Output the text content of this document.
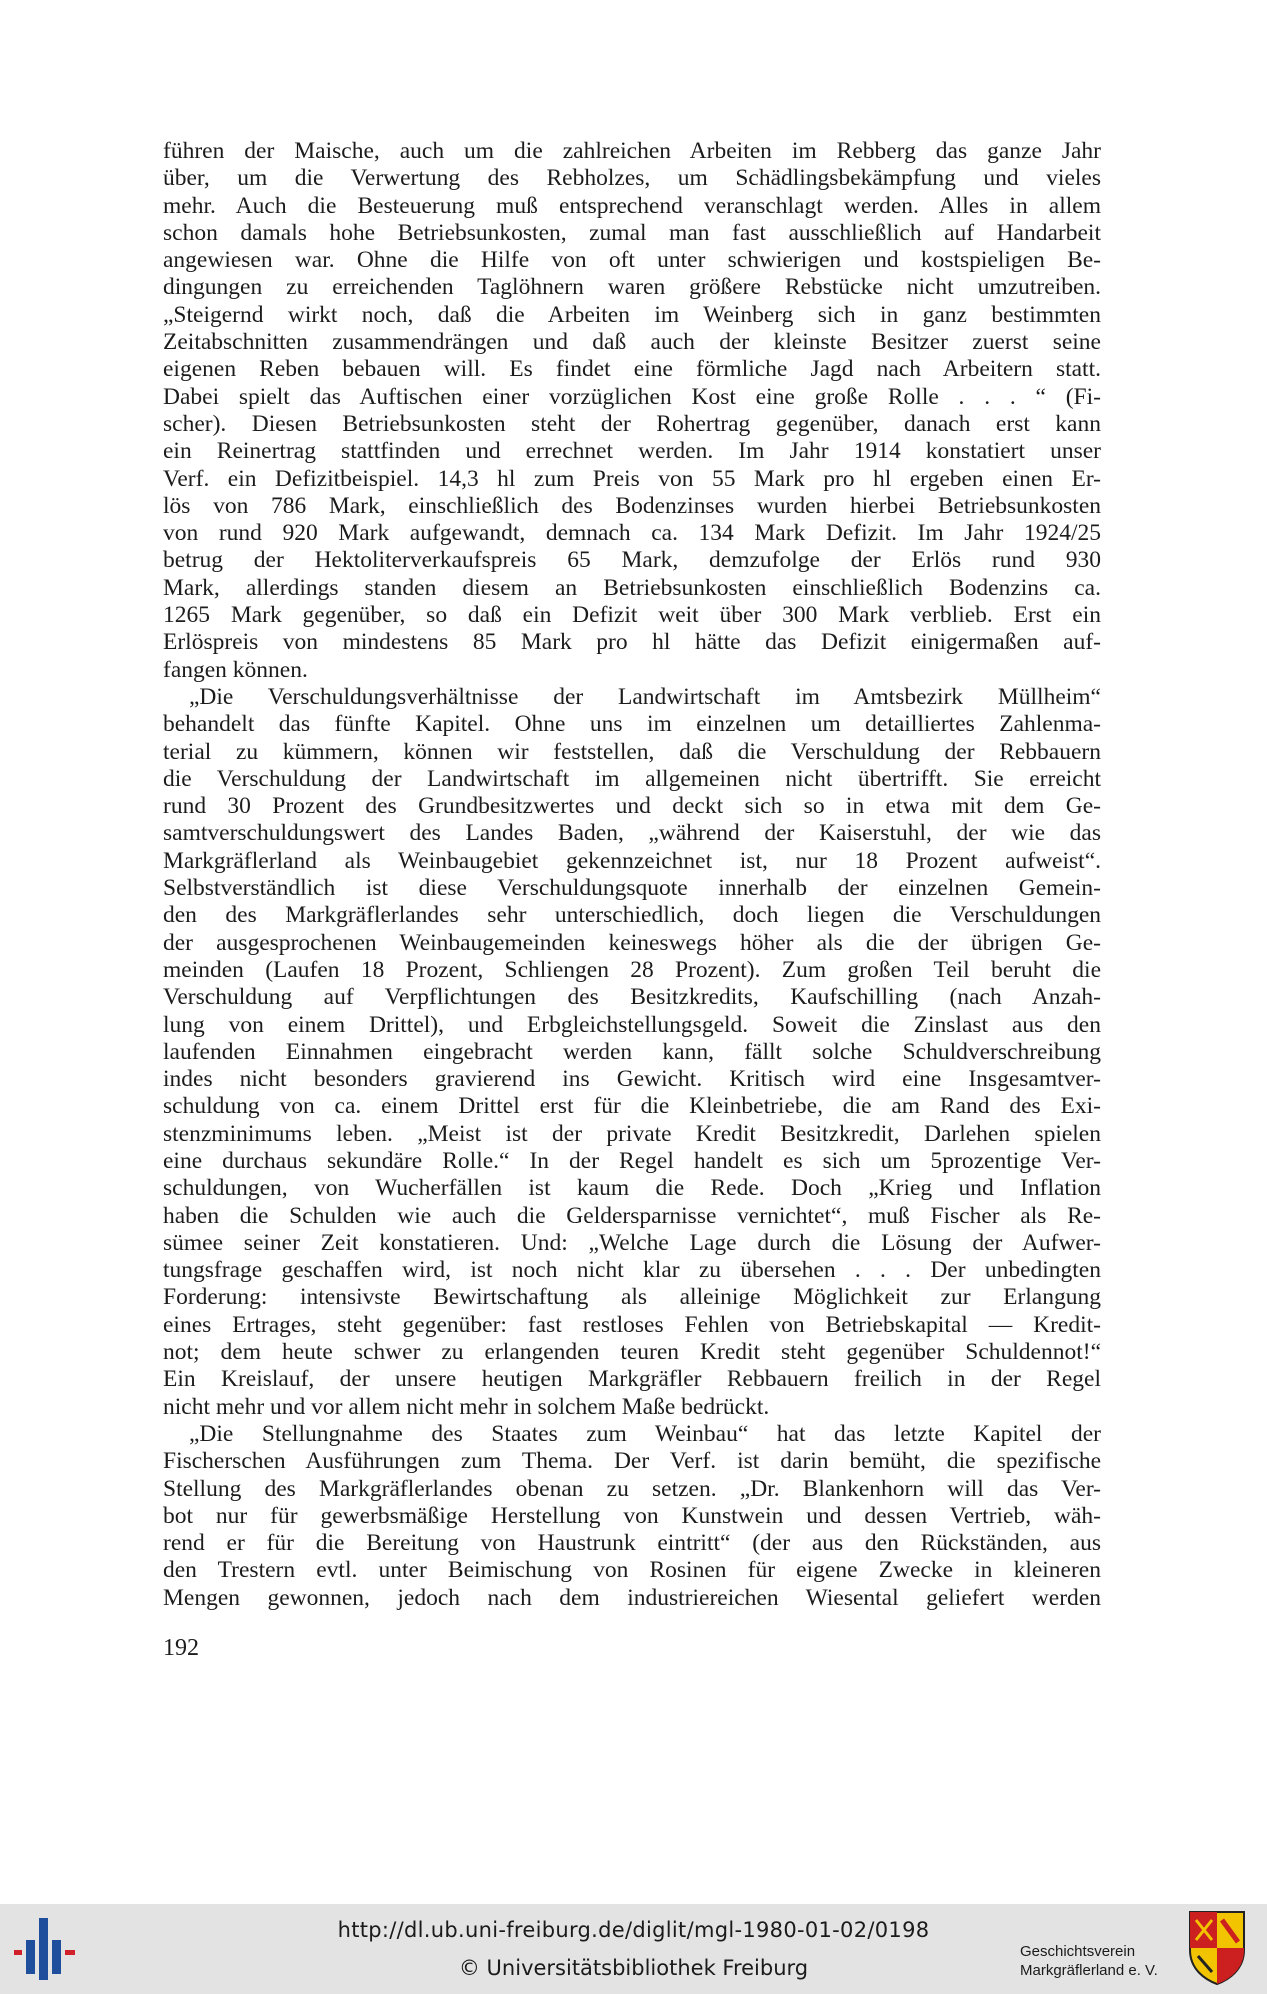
führen der Maische, auch um die zahlreichen Arbeiten im Rebberg das ganze Jahr
über, um die Verwertung des Rebholzes, um Schädlingsbekämpfung und vieles
mehr. Auch die Besteuerung muß entsprechend veranschlagt werden. Alles in allem
schon damals hohe Betriebsunkosten, zumal man fast ausschließlich auf Handarbeit
angewiesen war. Ohne die Hilfe von oft unter schwierigen und kostspieligen Be-
dingungen zu erreichenden Taglöhnern waren größere Rebstücke nicht umzutreiben.
„Steigernd wirkt noch, daß die Arbeiten im Weinberg sich in ganz bestimmten
Zeitabschnitten zusammendrängen und daß auch der kleinste Besitzer zuerst seine
eigenen Reben bebauen will. Es findet eine förmliche Jagd nach Arbeitern statt.
Dabei spielt das Auftischen einer vorzüglichen Kost eine große Rolle . . . “ (Fi-
scher). Diesen Betriebsunkosten steht der Rohertrag gegenüber, danach erst kann
ein Reinertrag stattfinden und errechnet werden. Im Jahr 1914 konstatiert unser
Verf. ein Defizitbeispiel. 14,3 hl zum Preis von 55 Mark pro hl ergeben einen Er-
lös von 786 Mark, einschließlich des Bodenzinses wurden hierbei Betriebsunkosten
von rund 920 Mark aufgewandt, demnach ca. 134 Mark Defizit. Im Jahr 1924/25
betrug der Hektoliterverkaufspreis 65 Mark, demzufolge der Erlös rund 930
Mark, allerdings standen diesem an Betriebsunkosten einschließlich Bodenzins ca.
1265 Mark gegenüber, so daß ein Defizit weit über 300 Mark verblieb. Erst ein
Erlöspreis von mindestens 85 Mark pro hl hätte das Defizit einigermaßen auf-
fangen können.
„Die Verschuldungsverhältnisse der Landwirtschaft im Amtsbezirk Müllheim“
behandelt das fünfte Kapitel. Ohne uns im einzelnen um detailliertes Zahlenma-
terial zu kümmern, können wir feststellen, daß die Verschuldung der Rebbauern
die Verschuldung der Landwirtschaft im allgemeinen nicht übertrifft. Sie erreicht
rund 30 Prozent des Grundbesitzwertes und deckt sich so in etwa mit dem Ge-
samtverschuldungswert des Landes Baden, „während der Kaiserstuhl, der wie das
Markgräflerland als Weinbaugebiet gekennzeichnet ist, nur 18 Prozent aufweist“.
Selbstverständlich ist diese Verschuldungsquote innerhalb der einzelnen Gemein-
den des Markgräflerlandes sehr unterschiedlich, doch liegen die Verschuldungen
der ausgesprochenen Weinbaugemeinden keineswegs höher als die der übrigen Ge-
meinden (Laufen 18 Prozent, Schliengen 28 Prozent). Zum großen Teil beruht die
Verschuldung auf Verpflichtungen des Besitzkredits, Kaufschilling (nach Anzah-
lung von einem Drittel), und Erbgleichstellungsgeld. Soweit die Zinslast aus den
laufenden Einnahmen eingebracht werden kann, fällt solche Schuldverschreibung
indes nicht besonders gravierend ins Gewicht. Kritisch wird eine Insgesamtver-
schuldung von ca. einem Drittel erst für die Kleinbetriebe, die am Rand des Exi-
stenzminimums leben. „Meist ist der private Kredit Besitzkredit, Darlehen spielen
eine durchaus sekundäre Rolle.“ In der Regel handelt es sich um 5prozentige Ver-
schuldungen, von Wucherfällen ist kaum die Rede. Doch „Krieg und Inflation
haben die Schulden wie auch die Geldersparnisse vernichtet“, muß Fischer als Re-
sümee seiner Zeit konstatieren. Und: „Welche Lage durch die Lösung der Aufwer-
tungsfrage geschaffen wird, ist noch nicht klar zu übersehen . . . Der unbedingten
Forderung: intensivste Bewirtschaftung als alleinige Möglichkeit zur Erlangung
eines Ertrages, steht gegenüber: fast restloses Fehlen von Betriebskapital — Kredit-
not; dem heute schwer zu erlangenden teuren Kredit steht gegenüber Schuldennot!“
Ein Kreislauf, der unsere heutigen Markgräfler Rebbauern freilich in der Regel
nicht mehr und vor allem nicht mehr in solchem Maße bedrückt.
„Die Stellungnahme des Staates zum Weinbau“ hat das letzte Kapitel der
Fischerschen Ausführungen zum Thema. Der Verf. ist darin bemüht, die spezifische
Stellung des Markgräflerlandes obenan zu setzen. „Dr. Blankenhorn will das Ver-
bot nur für gewerbsmäßige Herstellung von Kunstwein und dessen Vertrieb, wäh-
rend er für die Bereitung von Haustrunk eintritt“ (der aus den Rückständen, aus
den Trestern evtl. unter Beimischung von Rosinen für eigene Zwecke in kleineren
Mengen gewonnen, jedoch nach dem industriereichen Wiesental geliefert werden
192
http://dl.ub.uni-freiburg.de/diglit/mgl-1980-01-02/0198
© Universitätsbibliothek Freiburg
Geschichtsverein
Markgräflerland e. V.
